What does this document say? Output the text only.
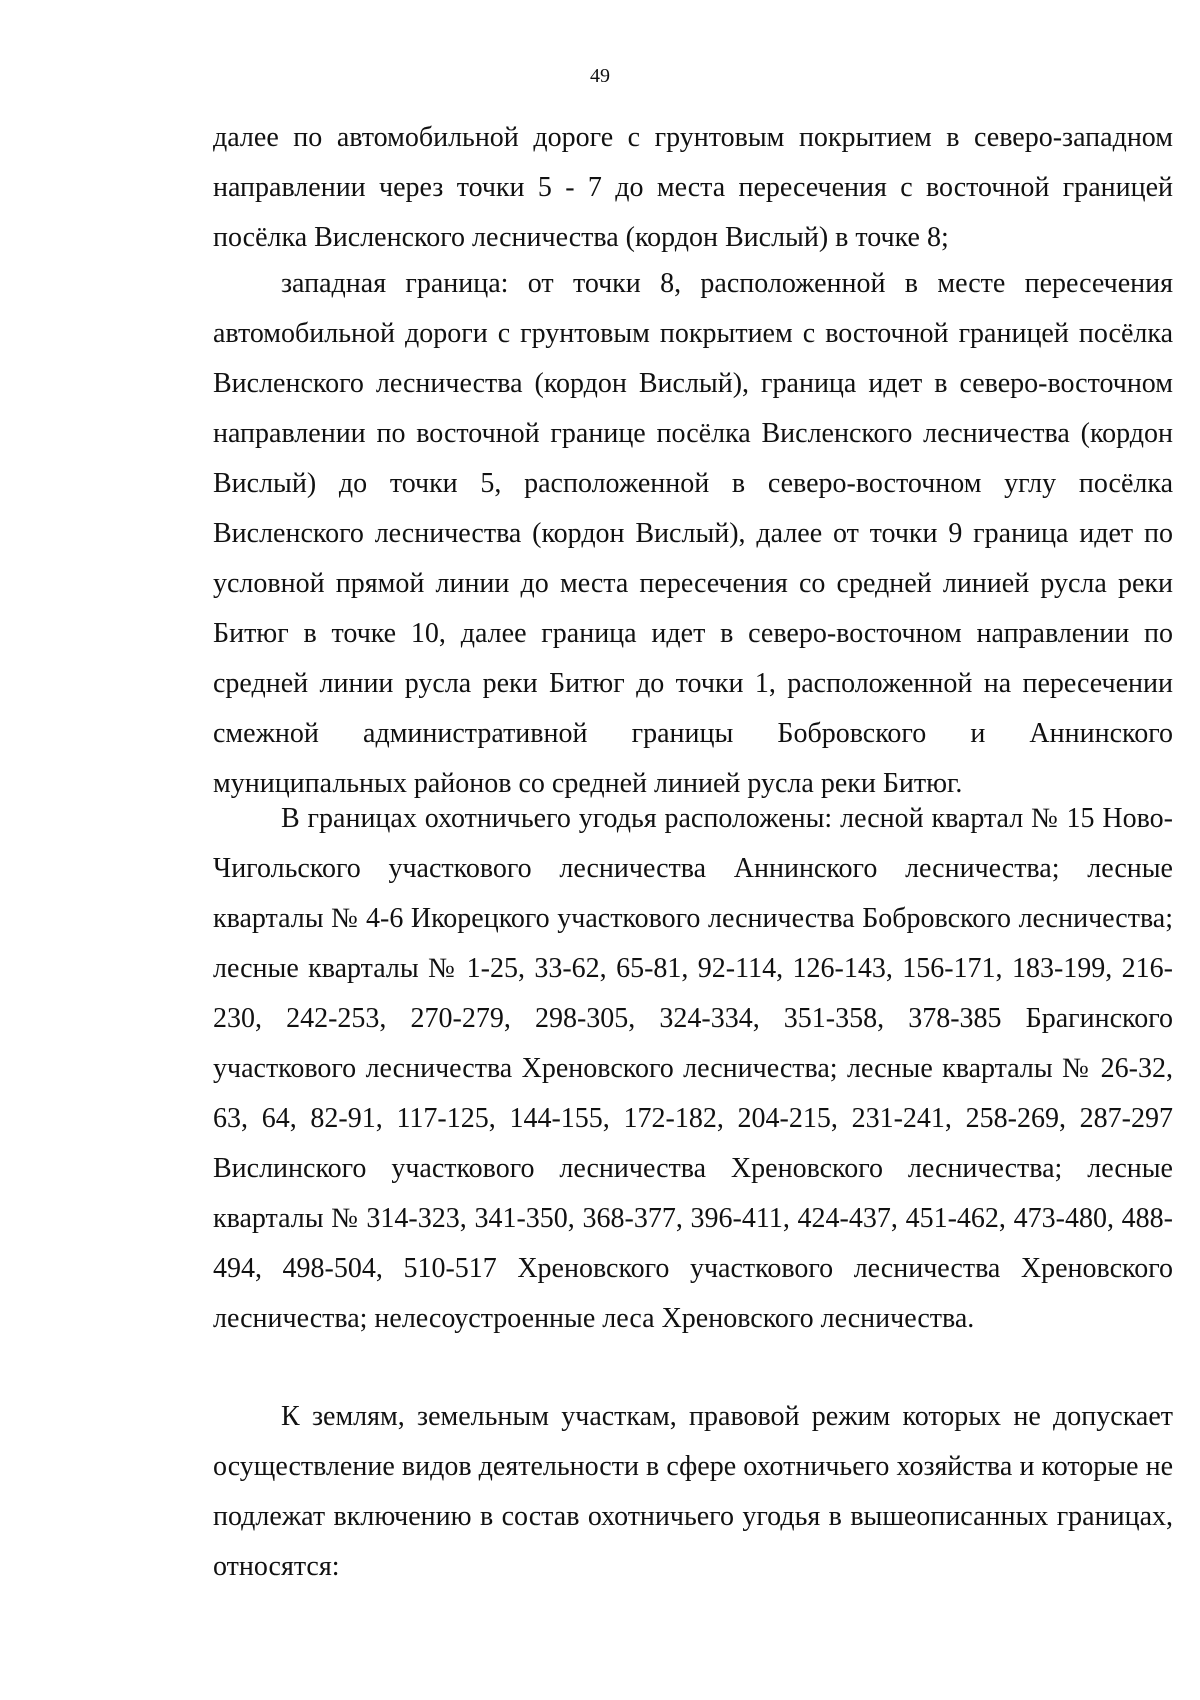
49

далее по автомобильной дороге с грунтовым покрытием в северо-западном направлении через точки 5 - 7 до места пересечения с восточной границей посёлка Висленского лесничества (кордон Вислый) в точке 8;

западная граница: от точки 8, расположенной в месте пересечения автомобильной дороги с грунтовым покрытием с восточной границей посёлка Висленского лесничества (кордон Вислый), граница идет в северо-восточном направлении по восточной границе посёлка Висленского лесничества (кордон Вислый) до точки 5, расположенной в северо-восточном углу посёлка Висленского лесничества (кордон Вислый), далее от точки 9 граница идет по условной прямой линии до места пересечения со средней линией русла реки Битюг в точке 10, далее граница идет в северо-восточном направлении по средней линии русла реки Битюг до точки 1, расположенной на пересечении смежной административной границы Бобровского и Аннинского муниципальных районов со средней линией русла реки Битюг.

В границах охотничьего угодья расположены: лесной квартал № 15 Ново-Чигольского участкового лесничества Аннинского лесничества; лесные кварталы № 4-6 Икорецкого участкового лесничества Бобровского лесничества; лесные кварталы № 1-25, 33-62, 65-81, 92-114, 126-143, 156-171, 183-199, 216-230, 242-253, 270-279, 298-305, 324-334, 351-358, 378-385 Брагинского участкового лесничества Хреновского лесничества; лесные кварталы № 26-32, 63, 64, 82-91, 117-125, 144-155, 172-182, 204-215, 231-241, 258-269, 287-297 Вислинского участкового лесничества Хреновского лесничества; лесные кварталы № 314-323, 341-350, 368-377, 396-411, 424-437, 451-462, 473-480, 488-494, 498-504, 510-517 Хреновского участкового лесничества Хреновского лесничества; нелесоустроенные леса Хреновского лесничества.

К землям, земельным участкам, правовой режим которых не допускает осуществление видов деятельности в сфере охотничьего хозяйства и которые не подлежат включению в состав охотничьего угодья в вышеописанных границах, относятся:
